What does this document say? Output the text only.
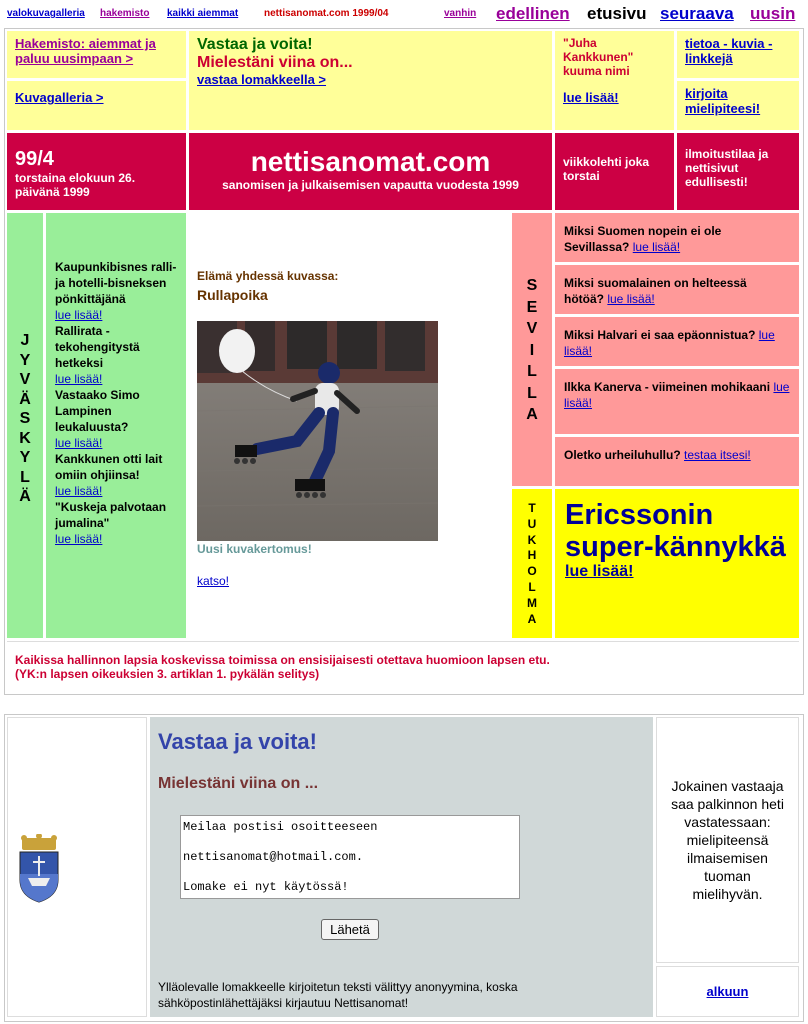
valokuvagalleria hakemisto kaikki aiemmat	nettisanomat.com 1999/04	vanhin edellinen etusivu seuraava uusin
Hakemisto: aiemmat ja paluu uusimpaan >
Kuvagalleria >
Vastaa ja voita!
Mielestäni viina on...
vastaa lomakkeella >
"Juha Kankkunen" kuuma nimi
lue lisää!
tietoa - kuvia - linkkejä
kirjoita mielipiteesi!
99/4
torstaina elokuun 26. päivänä 1999
nettisanomat.com
sanomisen ja julkaisemisen vapautta vuodesta 1999
viikkolehti joka torstai
ilmoitustilaa ja nettisivut edullisesti!
J
Y
V
Ä
S
K
Y
L
Ä
Kaupunkibisnes ralli- ja hotelli-bisneksen pönkittäjänä
lue lisää!
Rallirata - tekohengitystä hetkeksi
lue lisää!
Vastaako Simo Lampinen leukaluusta?
lue lisää!
Kankkunen otti lait omiin ohjiinsa!
lue lisää!
"Kuskeja palvotaan jumalina"
lue lisää!
Elämä yhdessä kuvassa:
Rullapoika
Uusi kuvakertomus!
katso!
S
E
V
I
L
L
A
Miksi Suomen nopein ei ole Sevillassa? lue lisää!
Miksi suomalainen on helteessä hötöä? lue lisää!
Miksi Halvari ei saa epäonnistua? lue lisää!
Ilkka Kanerva - viimeinen mohikaani lue lisää!
Oletko urheiluhullu? testaa itsesi!
T
U
K
H
O
L
M
A
Ericssonin super-kännykkä
lue lisää!
Kaikissa hallinnon lapsia koskevissa toimissa on ensisijaisesti otettava huomioon lapsen etu.
(YK:n lapsen oikeuksien 3. artiklan 1. pykälän selitys)
Vastaa ja voita!
Mielestäni viina on ...
Meilaa postisi osoitteeseen nettisanomat@hotmail.com. Lomake ei nyt käytössä!
Ylläolevalle lomakkeelle kirjoitetun teksti välittyy anonyymina, koska sähköpostinlähettäjäksi kirjautuu Nettisanomat!
Lähetä
Jokainen vastaaja saa palkinnon heti vastatessaan: mielipiteensä ilmaisemisen tuoman mielihyvän.
alkuun
